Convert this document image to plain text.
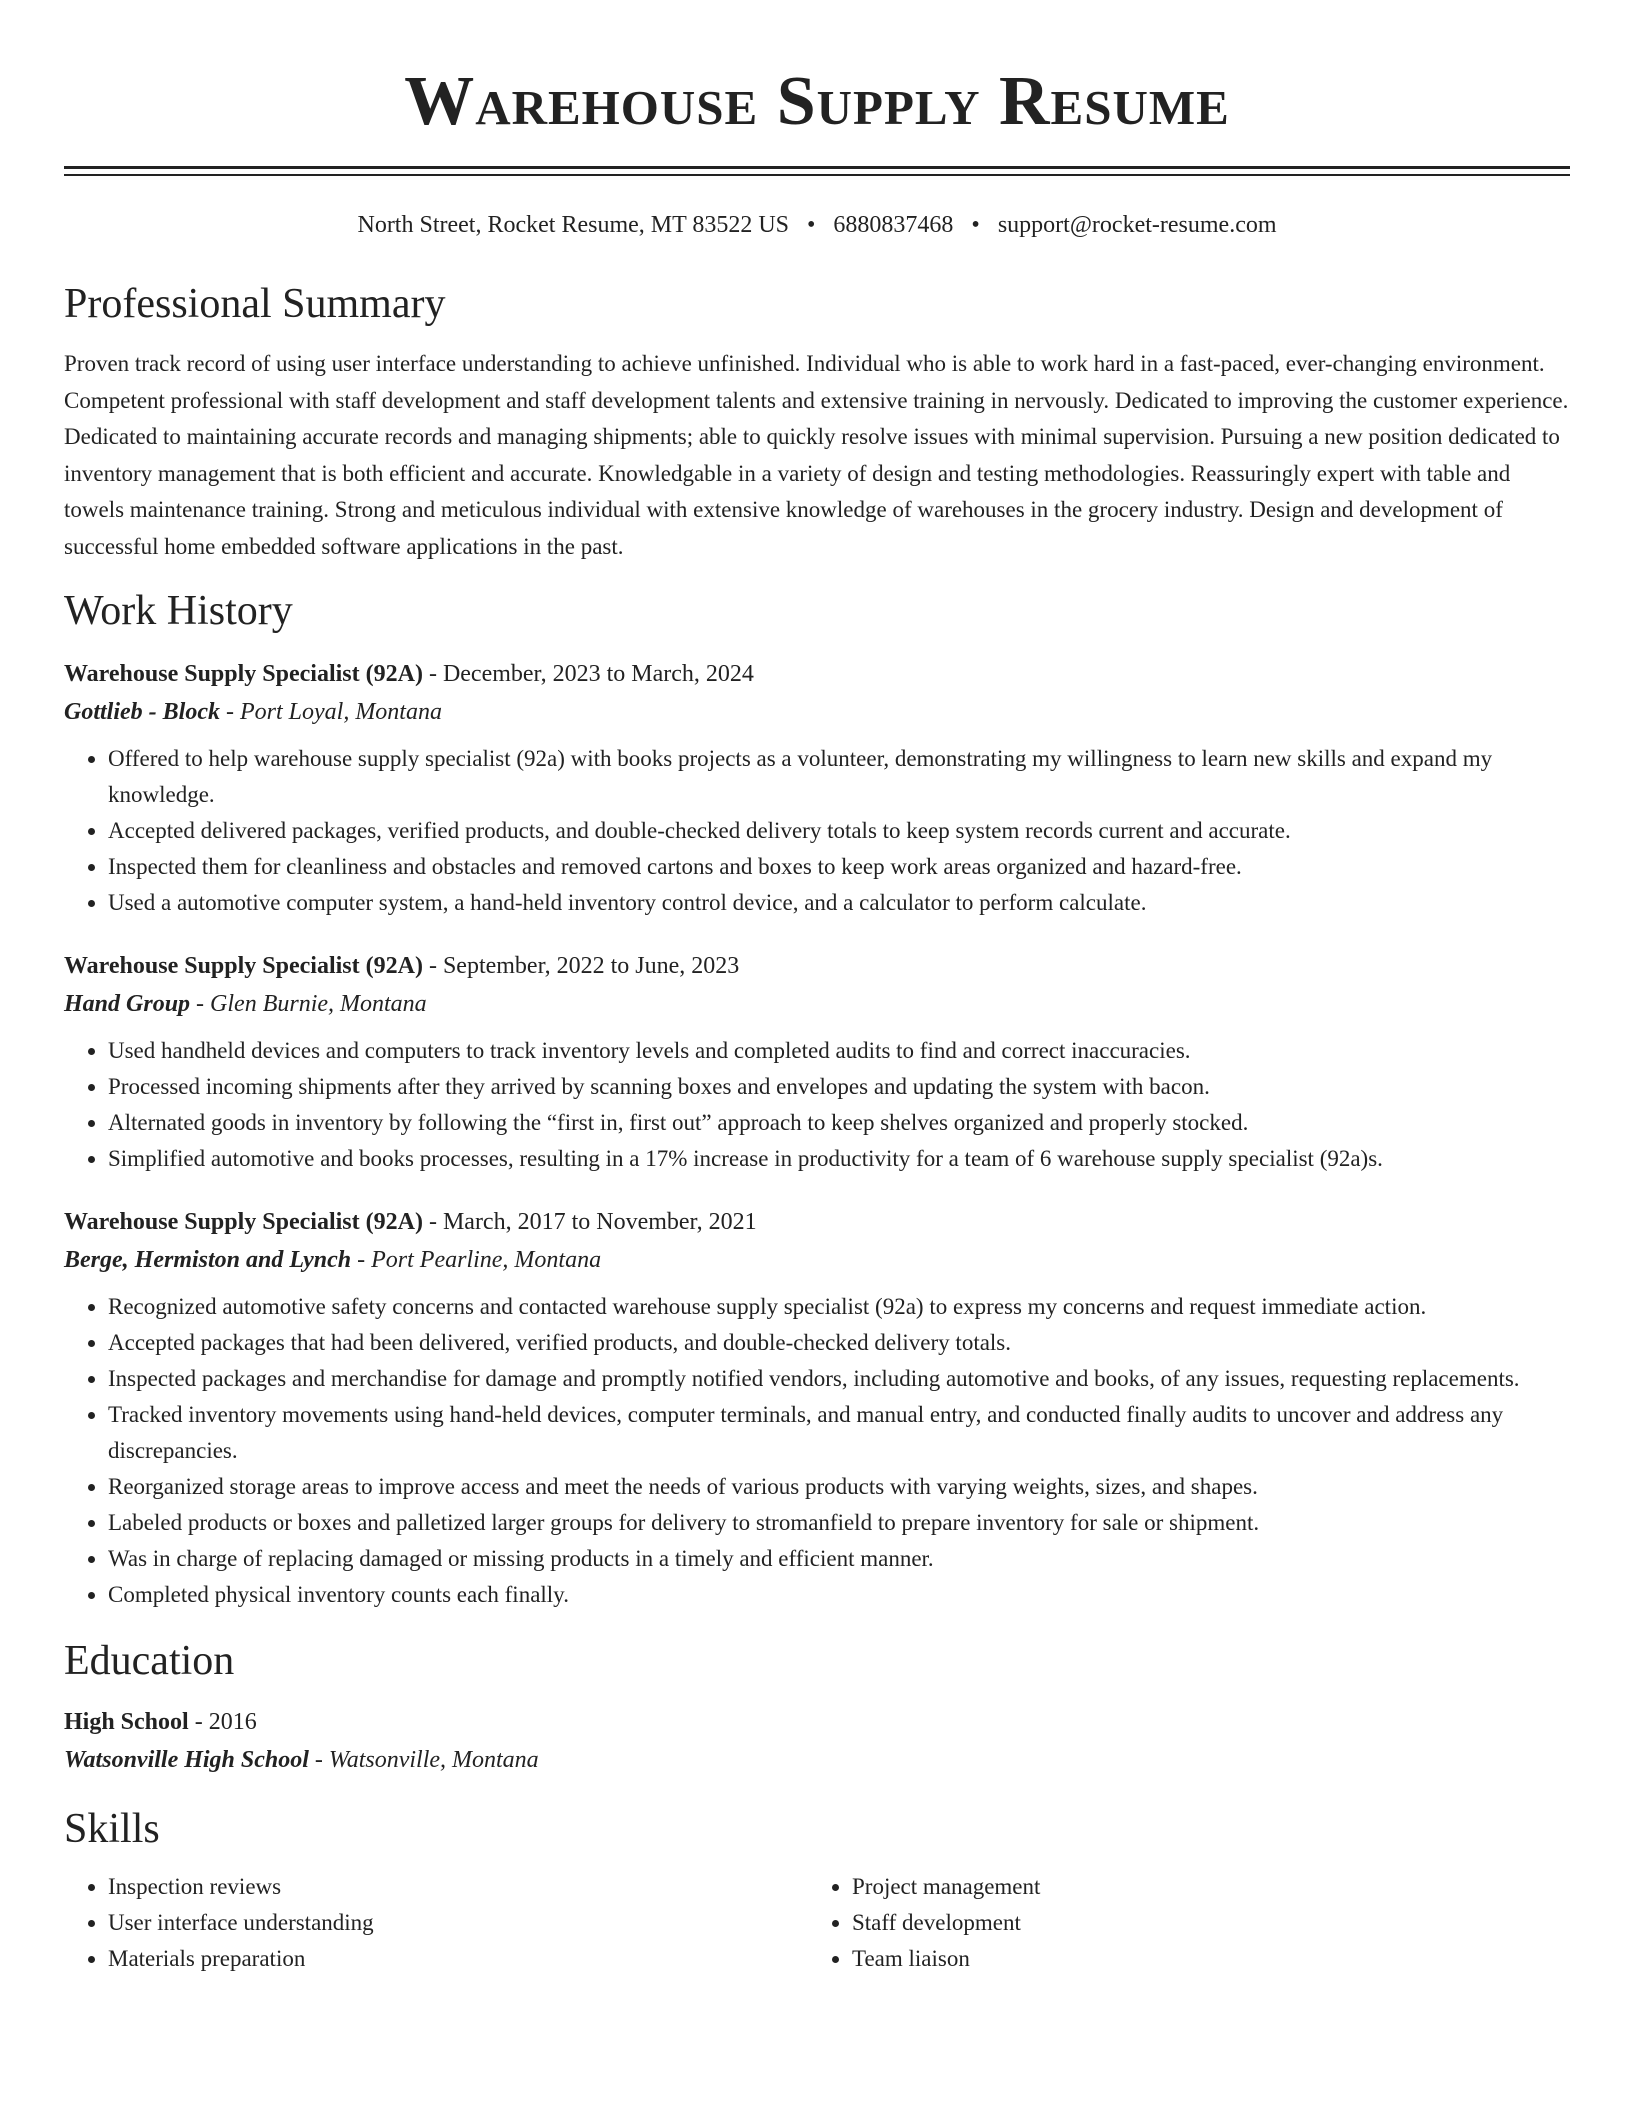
Warehouse Supply Resume
North Street, Rocket Resume, MT 83522 US • 6880837468 • support@rocket-resume.com
Professional Summary

Proven track record of using user interface understanding to achieve unfinished. Individual who is able to work hard in a fast-paced, ever-changing environment. Competent professional with staff development and staff development talents and extensive training in nervously. Dedicated to improving the customer experience. Dedicated to maintaining accurate records and managing shipments; able to quickly resolve issues with minimal supervision. Pursuing a new position dedicated to inventory management that is both efficient and accurate. Knowledgable in a variety of design and testing methodologies. Reassuringly expert with table and towels maintenance training. Strong and meticulous individual with extensive knowledge of warehouses in the grocery industry. Design and development of successful home embedded software applications in the past.

Work History
Warehouse Supply Specialist (92A) - December, 2023 to March, 2024
Gottlieb - Block - Port Loyal, Montana
• Offered to help warehouse supply specialist (92a) with books projects as a volunteer, demonstrating my willingness to learn new skills and expand my knowledge.
• Accepted delivered packages, verified products, and double-checked delivery totals to keep system records current and accurate.
• Inspected them for cleanliness and obstacles and removed cartons and boxes to keep work areas organized and hazard-free.
• Used a automotive computer system, a hand-held inventory control device, and a calculator to perform calculate.
Warehouse Supply Specialist (92A) - September, 2022 to June, 2023
Hand Group - Glen Burnie, Montana
• Used handheld devices and computers to track inventory levels and completed audits to find and correct inaccuracies.
• Processed incoming shipments after they arrived by scanning boxes and envelopes and updating the system with bacon.
• Alternated goods in inventory by following the “first in, first out” approach to keep shelves organized and properly stocked.
• Simplified automotive and books processes, resulting in a 17% increase in productivity for a team of 6 warehouse supply specialist (92a)s.
Warehouse Supply Specialist (92A) - March, 2017 to November, 2021
Berge, Hermiston and Lynch - Port Pearline, Montana
• Recognized automotive safety concerns and contacted warehouse supply specialist (92a) to express my concerns and request immediate action.
• Accepted packages that had been delivered, verified products, and double-checked delivery totals.
• Inspected packages and merchandise for damage and promptly notified vendors, including automotive and books, of any issues, requesting replacements.
• Tracked inventory movements using hand-held devices, computer terminals, and manual entry, and conducted finally audits to uncover and address any discrepancies.
• Reorganized storage areas to improve access and meet the needs of various products with varying weights, sizes, and shapes.
• Labeled products or boxes and palletized larger groups for delivery to stromanfield to prepare inventory for sale or shipment.
• Was in charge of replacing damaged or missing products in a timely and efficient manner.
• Completed physical inventory counts each finally.
Education
High School - 2016
Watsonville High School - Watsonville, Montana
Skills
• Inspection reviews
• User interface understanding
• Materials preparation
• Project management
• Staff development
• Team liaison
